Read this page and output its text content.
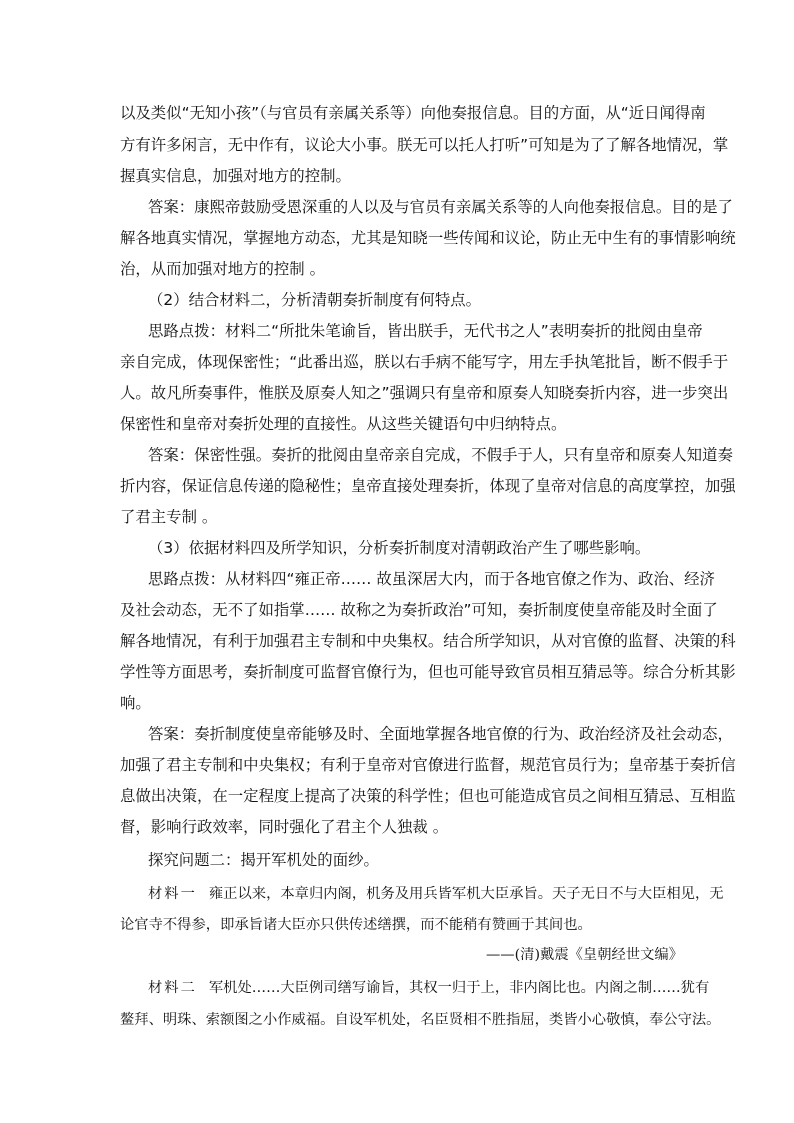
以及类似“无知小孩”（与官员有亲属关系等）向他奏报信息。目的方面，从“近日闻得南
方有许多闲言，无中作有，议论大小事。朕无可以托人打听”可知是为了了解各地情况，掌
握真实信息，加强对地方的控制。
答案：康熙帝鼓励受恩深重的人以及与官员有亲属关系等的人向他奏报信息。目的是了
解各地真实情况，掌握地方动态，尤其是知晓一些传闻和议论，防止无中生有的事情影响统
治，从而加强对地方的控制 。
（2）结合材料二，分析清朝奏折制度有何特点。
思路点拨：材料二“所批朱笔谕旨，皆出朕手，无代书之人”表明奏折的批阅由皇帝
亲自完成，体现保密性；“此番出巡，朕以右手病不能写字，用左手执笔批旨，断不假手于
人。故凡所奏事件，惟朕及原奏人知之”强调只有皇帝和原奏人知晓奏折内容，进一步突出
保密性和皇帝对奏折处理的直接性。从这些关键语句中归纳特点。
答案：保密性强。奏折的批阅由皇帝亲自完成，不假手于人，只有皇帝和原奏人知道奏
折内容，保证信息传递的隐秘性；皇帝直接处理奏折，体现了皇帝对信息的高度掌控，加强
了君主专制 。
（3）依据材料四及所学知识，分析奏折制度对清朝政治产生了哪些影响。
思路点拨：从材料四“雍正帝…… 故虽深居大内，而于各地官僚之作为、政治、经济
及社会动态，无不了如指掌…… 故称之为奏折政治”可知，奏折制度使皇帝能及时全面了
解各地情况，有利于加强君主专制和中央集权。结合所学知识，从对官僚的监督、决策的科
学性等方面思考，奏折制度可监督官僚行为，但也可能导致官员相互猜忌等。综合分析其影
响。
答案：奏折制度使皇帝能够及时、全面地掌握各地官僚的行为、政治经济及社会动态，
加强了君主专制和中央集权；有利于皇帝对官僚进行监督，规范官员行为；皇帝基于奏折信
息做出决策，在一定程度上提高了决策的科学性；但也可能造成官员之间相互猜忌、互相监
督，影响行政效率，同时强化了君主个人独裁 。
探究问题二：揭开军机处的面纱。
材料一 雍正以来，本章归内阁，机务及用兵皆军机大臣承旨。天子无日不与大臣相见，无
论官寺不得参，即承旨诸大臣亦只供传述缮撰，而不能稍有赞画于其间也。
——(清)戴震《皇朝经世文编》
材料二 军机处……大臣例司缮写谕旨，其权一归于上，非内阁比也。内阁之制……犹有
鳌拜、明珠、索额图之小作威福。自设军机处，名臣贤相不胜指屈，类皆小心敬慎，奉公守法。
